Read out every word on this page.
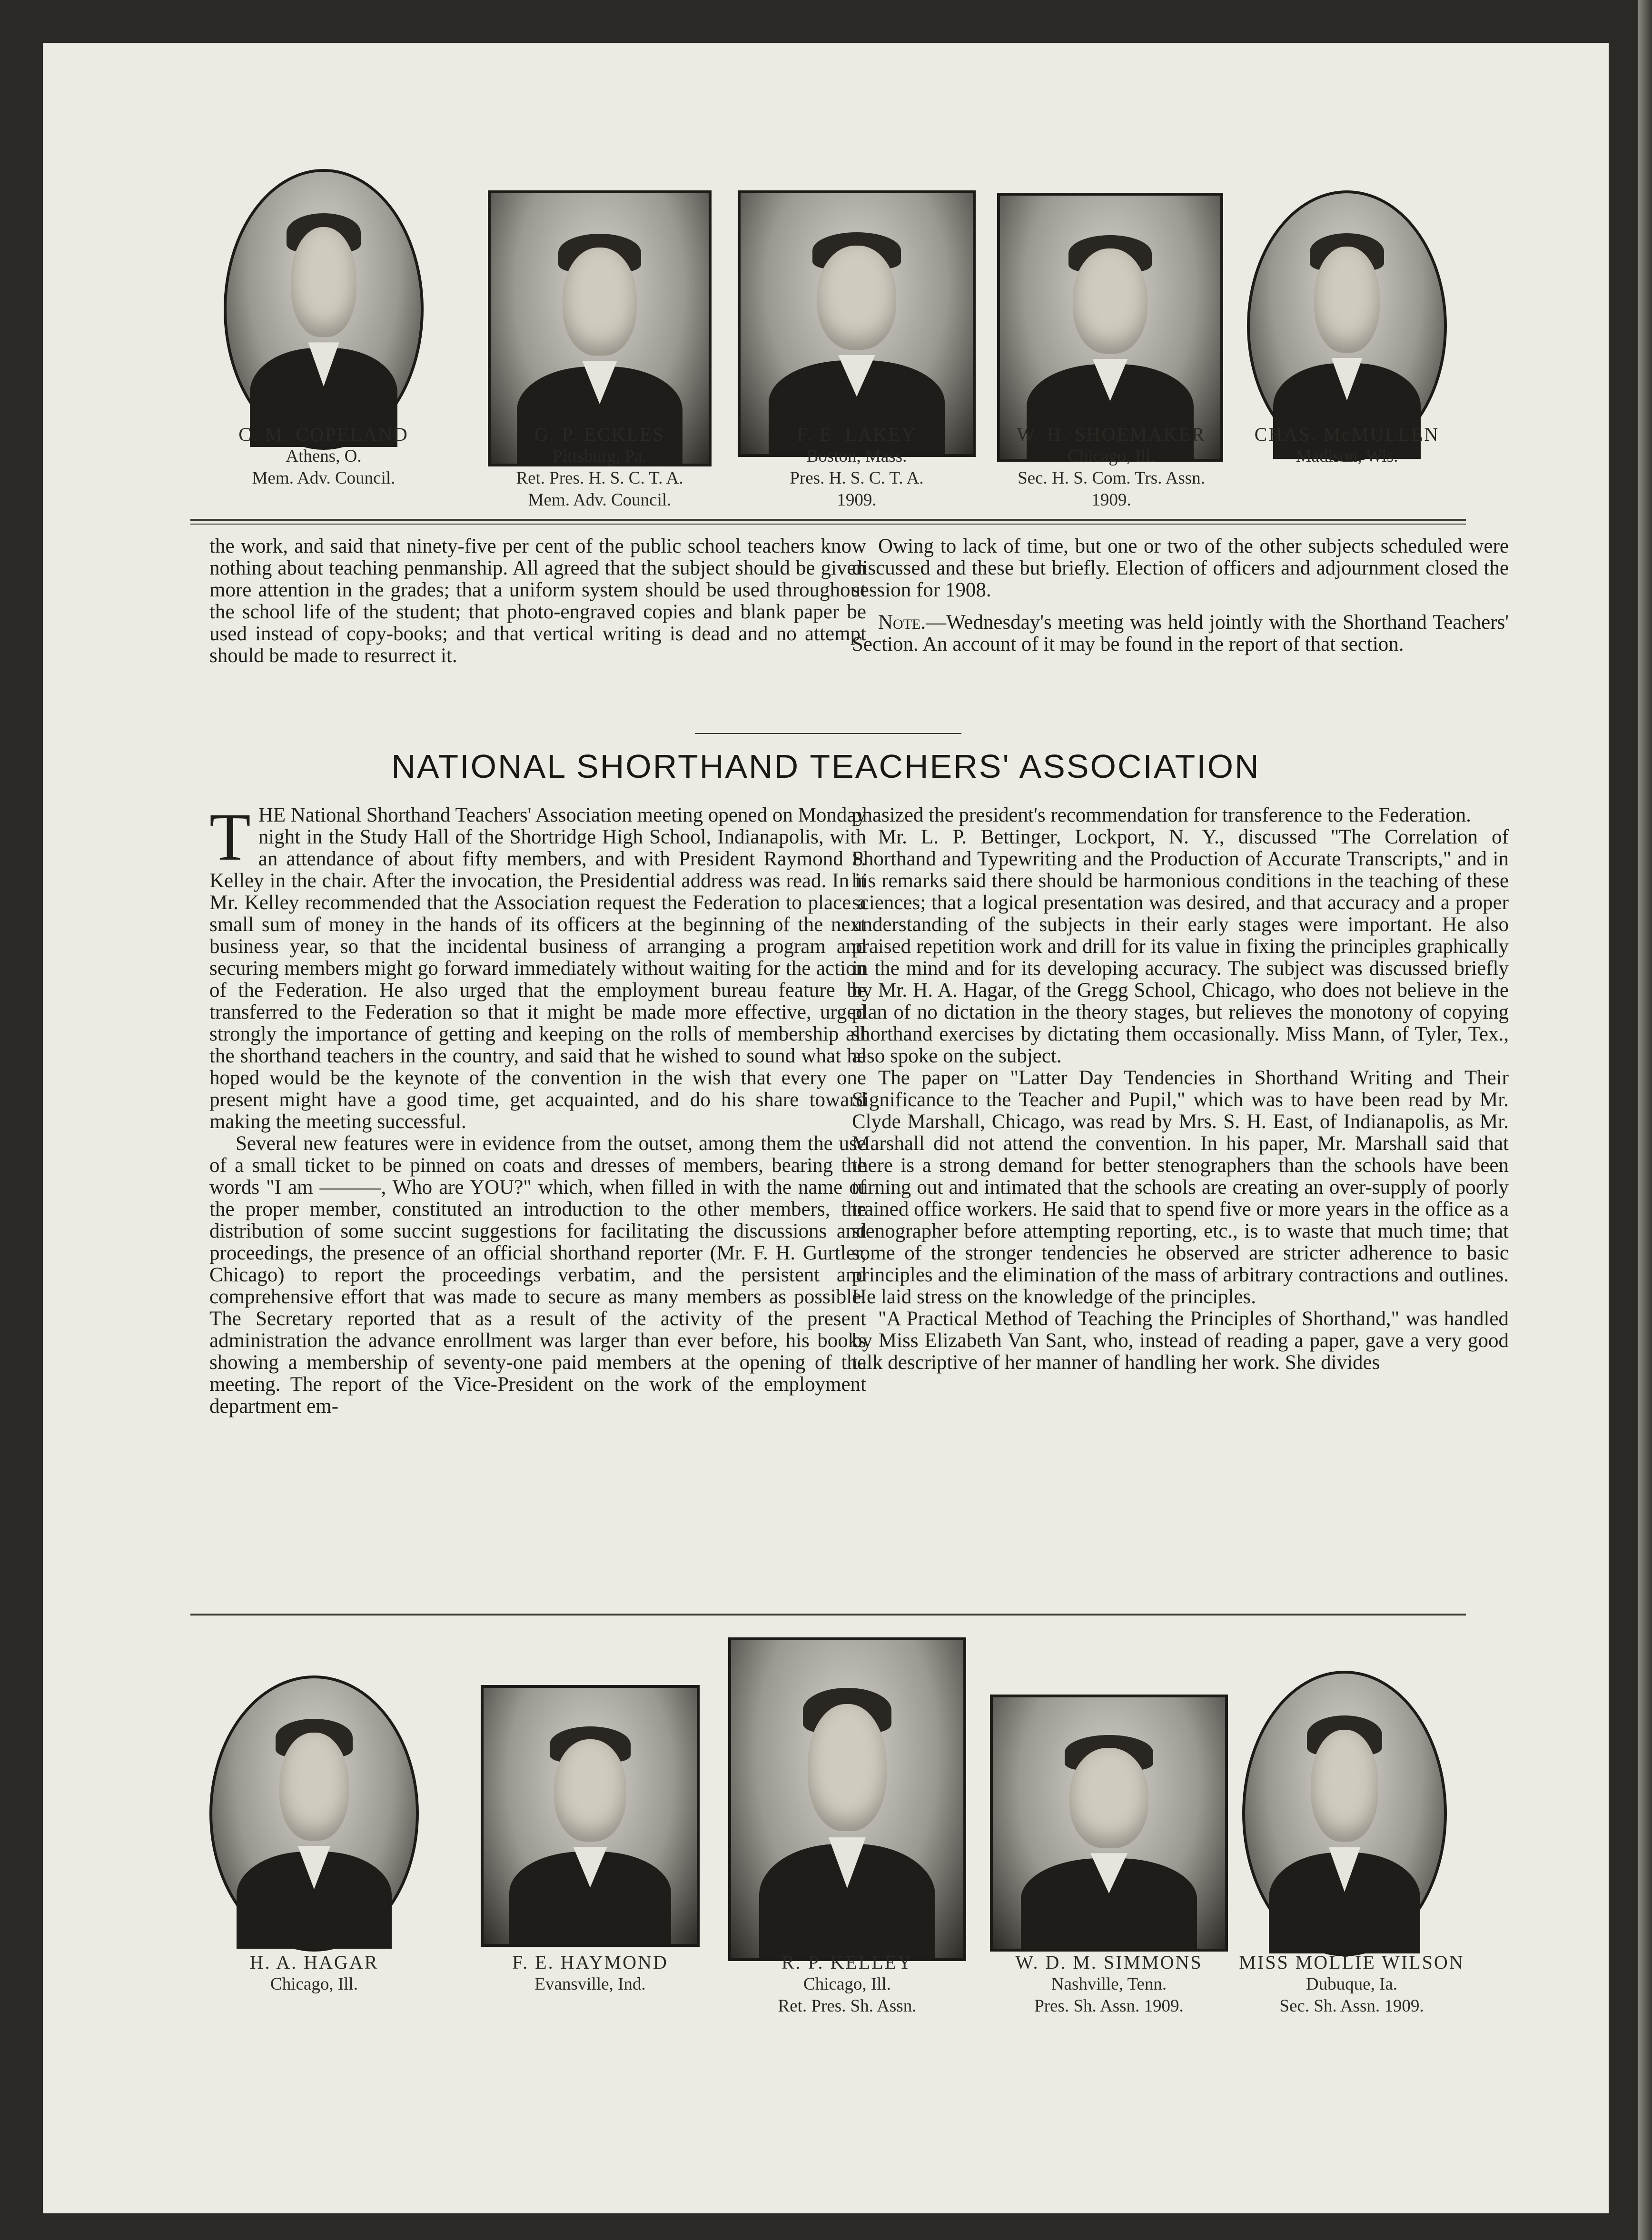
C. M. COPELAND
Athens, O.
Mem. Adv. Council.
G. P. ECKLES
Pittsburg, Pa.
Ret. Pres. H. S. C. T. A.
Mem. Adv. Council.
F. E. LAKEY
Boston, Mass.
Pres. H. S. C. T. A.
1909.
W. H. SHOEMAKER
Chicago, Ill.
Sec. H. S. Com. Trs. Assn.
1909.
CHAS. McMULLEN
Madison, Wis.

the work, and said that ninety-five per cent of the public school teachers know nothing about teaching penmanship. All agreed that the subject should be given more attention in the grades; that a uniform system should be used throughout the school life of the student; that photo-engraved copies and blank paper be used instead of copy-books; and that vertical writing is dead and no attempt should be made to resurrect it.

Owing to lack of time, but one or two of the other subjects scheduled were discussed and these but briefly. Election of officers and adjournment closed the session for 1908.

Note.—Wednesday's meeting was held jointly with the Shorthand Teachers' Section. An account of it may be found in the report of that section.

NATIONAL SHORTHAND TEACHERS' ASSOCIATION

THE National Shorthand Teachers' Association meeting opened on Monday night in the Study Hall of the Shortridge High School, Indianapolis, with an attendance of about fifty members, and with President Raymond P. Kelley in the chair. After the invocation, the Presidential address was read. In it Mr. Kelley recommended that the Association request the Federation to place a small sum of money in the hands of its officers at the beginning of the next business year, so that the incidental business of arranging a program and securing members might go forward immediately without waiting for the action of the Federation. He also urged that the employment bureau feature be transferred to the Federation so that it might be made more effective, urged strongly the importance of getting and keeping on the rolls of membership all the shorthand teachers in the country, and said that he wished to sound what he hoped would be the keynote of the convention in the wish that every one present might have a good time, get acquainted, and do his share toward making the meeting successful.

Several new features were in evidence from the outset, among them the use of a small ticket to be pinned on coats and dresses of members, bearing the words "I am ———, Who are YOU?" which, when filled in with the name of the proper member, constituted an introduction to the other members, the distribution of some succint suggestions for facilitating the discussions and proceedings, the presence of an official shorthand reporter (Mr. F. H. Gurtler, Chicago) to report the proceedings verbatim, and the persistent and comprehensive effort that was made to secure as many members as possible. The Secretary reported that as a result of the activity of the present administration the advance enrollment was larger than ever before, his books showing a membership of seventy-one paid members at the opening of the meeting. The report of the Vice-President on the work of the employment department em-

phasized the president's recommendation for transference to the Federation.

Mr. L. P. Bettinger, Lockport, N. Y., discussed "The Correlation of Shorthand and Typewriting and the Production of Accurate Transcripts," and in his remarks said there should be harmonious conditions in the teaching of these sciences; that a logical presentation was desired, and that accuracy and a proper understanding of the subjects in their early stages were important. He also praised repetition work and drill for its value in fixing the principles graphically in the mind and for its developing accuracy. The subject was discussed briefly by Mr. H. A. Hagar, of the Gregg School, Chicago, who does not believe in the plan of no dictation in the theory stages, but relieves the monotony of copying shorthand exercises by dictating them occasionally. Miss Mann, of Tyler, Tex., also spoke on the subject.

The paper on "Latter Day Tendencies in Shorthand Writing and Their Significance to the Teacher and Pupil," which was to have been read by Mr. Clyde Marshall, Chicago, was read by Mrs. S. H. East, of Indianapolis, as Mr. Marshall did not attend the convention. In his paper, Mr. Marshall said that there is a strong demand for better stenographers than the schools have been turning out and intimated that the schools are creating an over-supply of poorly trained office workers. He said that to spend five or more years in the office as a stenographer before attempting reporting, etc., is to waste that much time; that some of the stronger tendencies he observed are stricter adherence to basic principles and the elimination of the mass of arbitrary contractions and outlines. He laid stress on the knowledge of the principles.

"A Practical Method of Teaching the Principles of Shorthand," was handled by Miss Elizabeth Van Sant, who, instead of reading a paper, gave a very good talk descriptive of her manner of handling her work. She divides

H. A. HAGAR
Chicago, Ill.
F. E. HAYMOND
Evansville, Ind.
R. P. KELLEY
Chicago, Ill.
Ret. Pres. Sh. Assn.
W. D. M. SIMMONS
Nashville, Tenn.
Pres. Sh. Assn. 1909.
MISS MOLLIE WILSON
Dubuque, Ia.
Sec. Sh. Assn. 1909.
